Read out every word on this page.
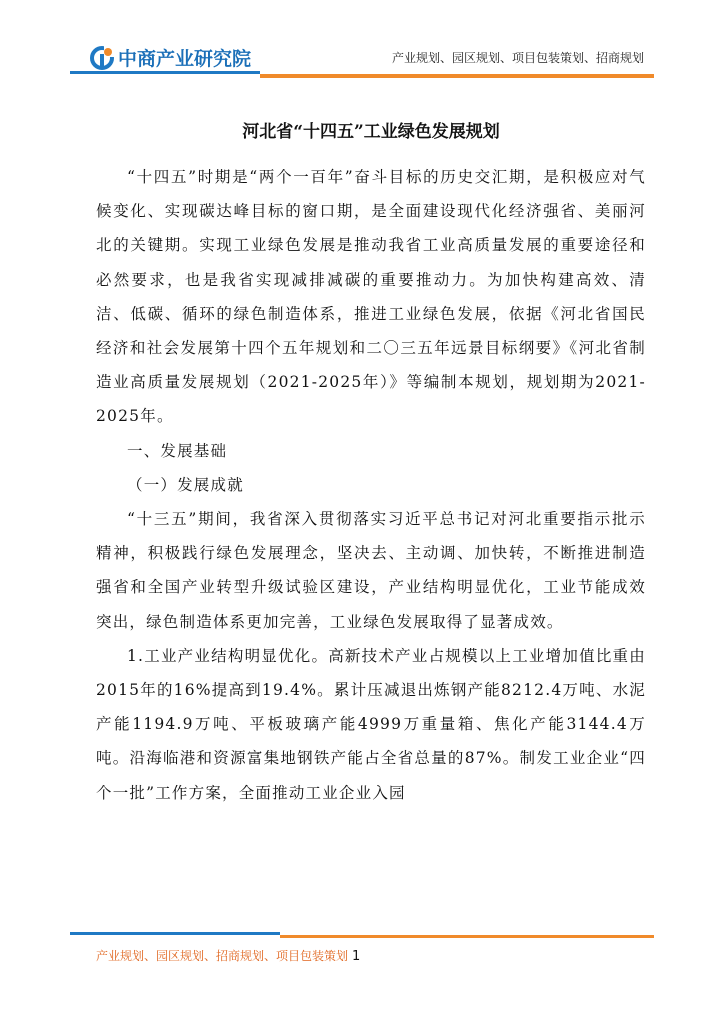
中商产业研究院	产业规划、园区规划、项目包装策划、招商规划
河北省“十四五”工业绿色发展规划

“十四五”时期是“两个一百年”奋斗目标的历史交汇期，是积极应对气候变化、实现碳达峰目标的窗口期，是全面建设现代化经济强省、美丽河北的关键期。实现工业绿色发展是推动我省工业高质量发展的重要途径和必然要求，也是我省实现减排减碳的重要推动力。为加快构建高效、清洁、低碳、循环的绿色制造体系，推进工业绿色发展，依据《河北省国民经济和社会发展第十四个五年规划和二〇三五年远景目标纲要》《河北省制造业高质量发展规划（2021-2025年）》等编制本规划，规划期为2021-2025年。

一、发展基础

（一）发展成就

“十三五”期间，我省深入贯彻落实习近平总书记对河北重要指示批示精神，积极践行绿色发展理念，坚决去、主动调、加快转，不断推进制造强省和全国产业转型升级试验区建设，产业结构明显优化，工业节能成效突出，绿色制造体系更加完善，工业绿色发展取得了显著成效。

1.工业产业结构明显优化。高新技术产业占规模以上工业增加值比重由2015年的16%提高到19.4%。累计压减退出炼钢产能8212.4万吨、水泥产能1194.9万吨、平板玻璃产能4999万重量箱、焦化产能3144.4万吨。沿海临港和资源富集地钢铁产能占全省总量的87%。制发工业企业“四个一批”工作方案，全面推动工业企业入园

产业规划、园区规划、招商规划、项目包装策划 1
